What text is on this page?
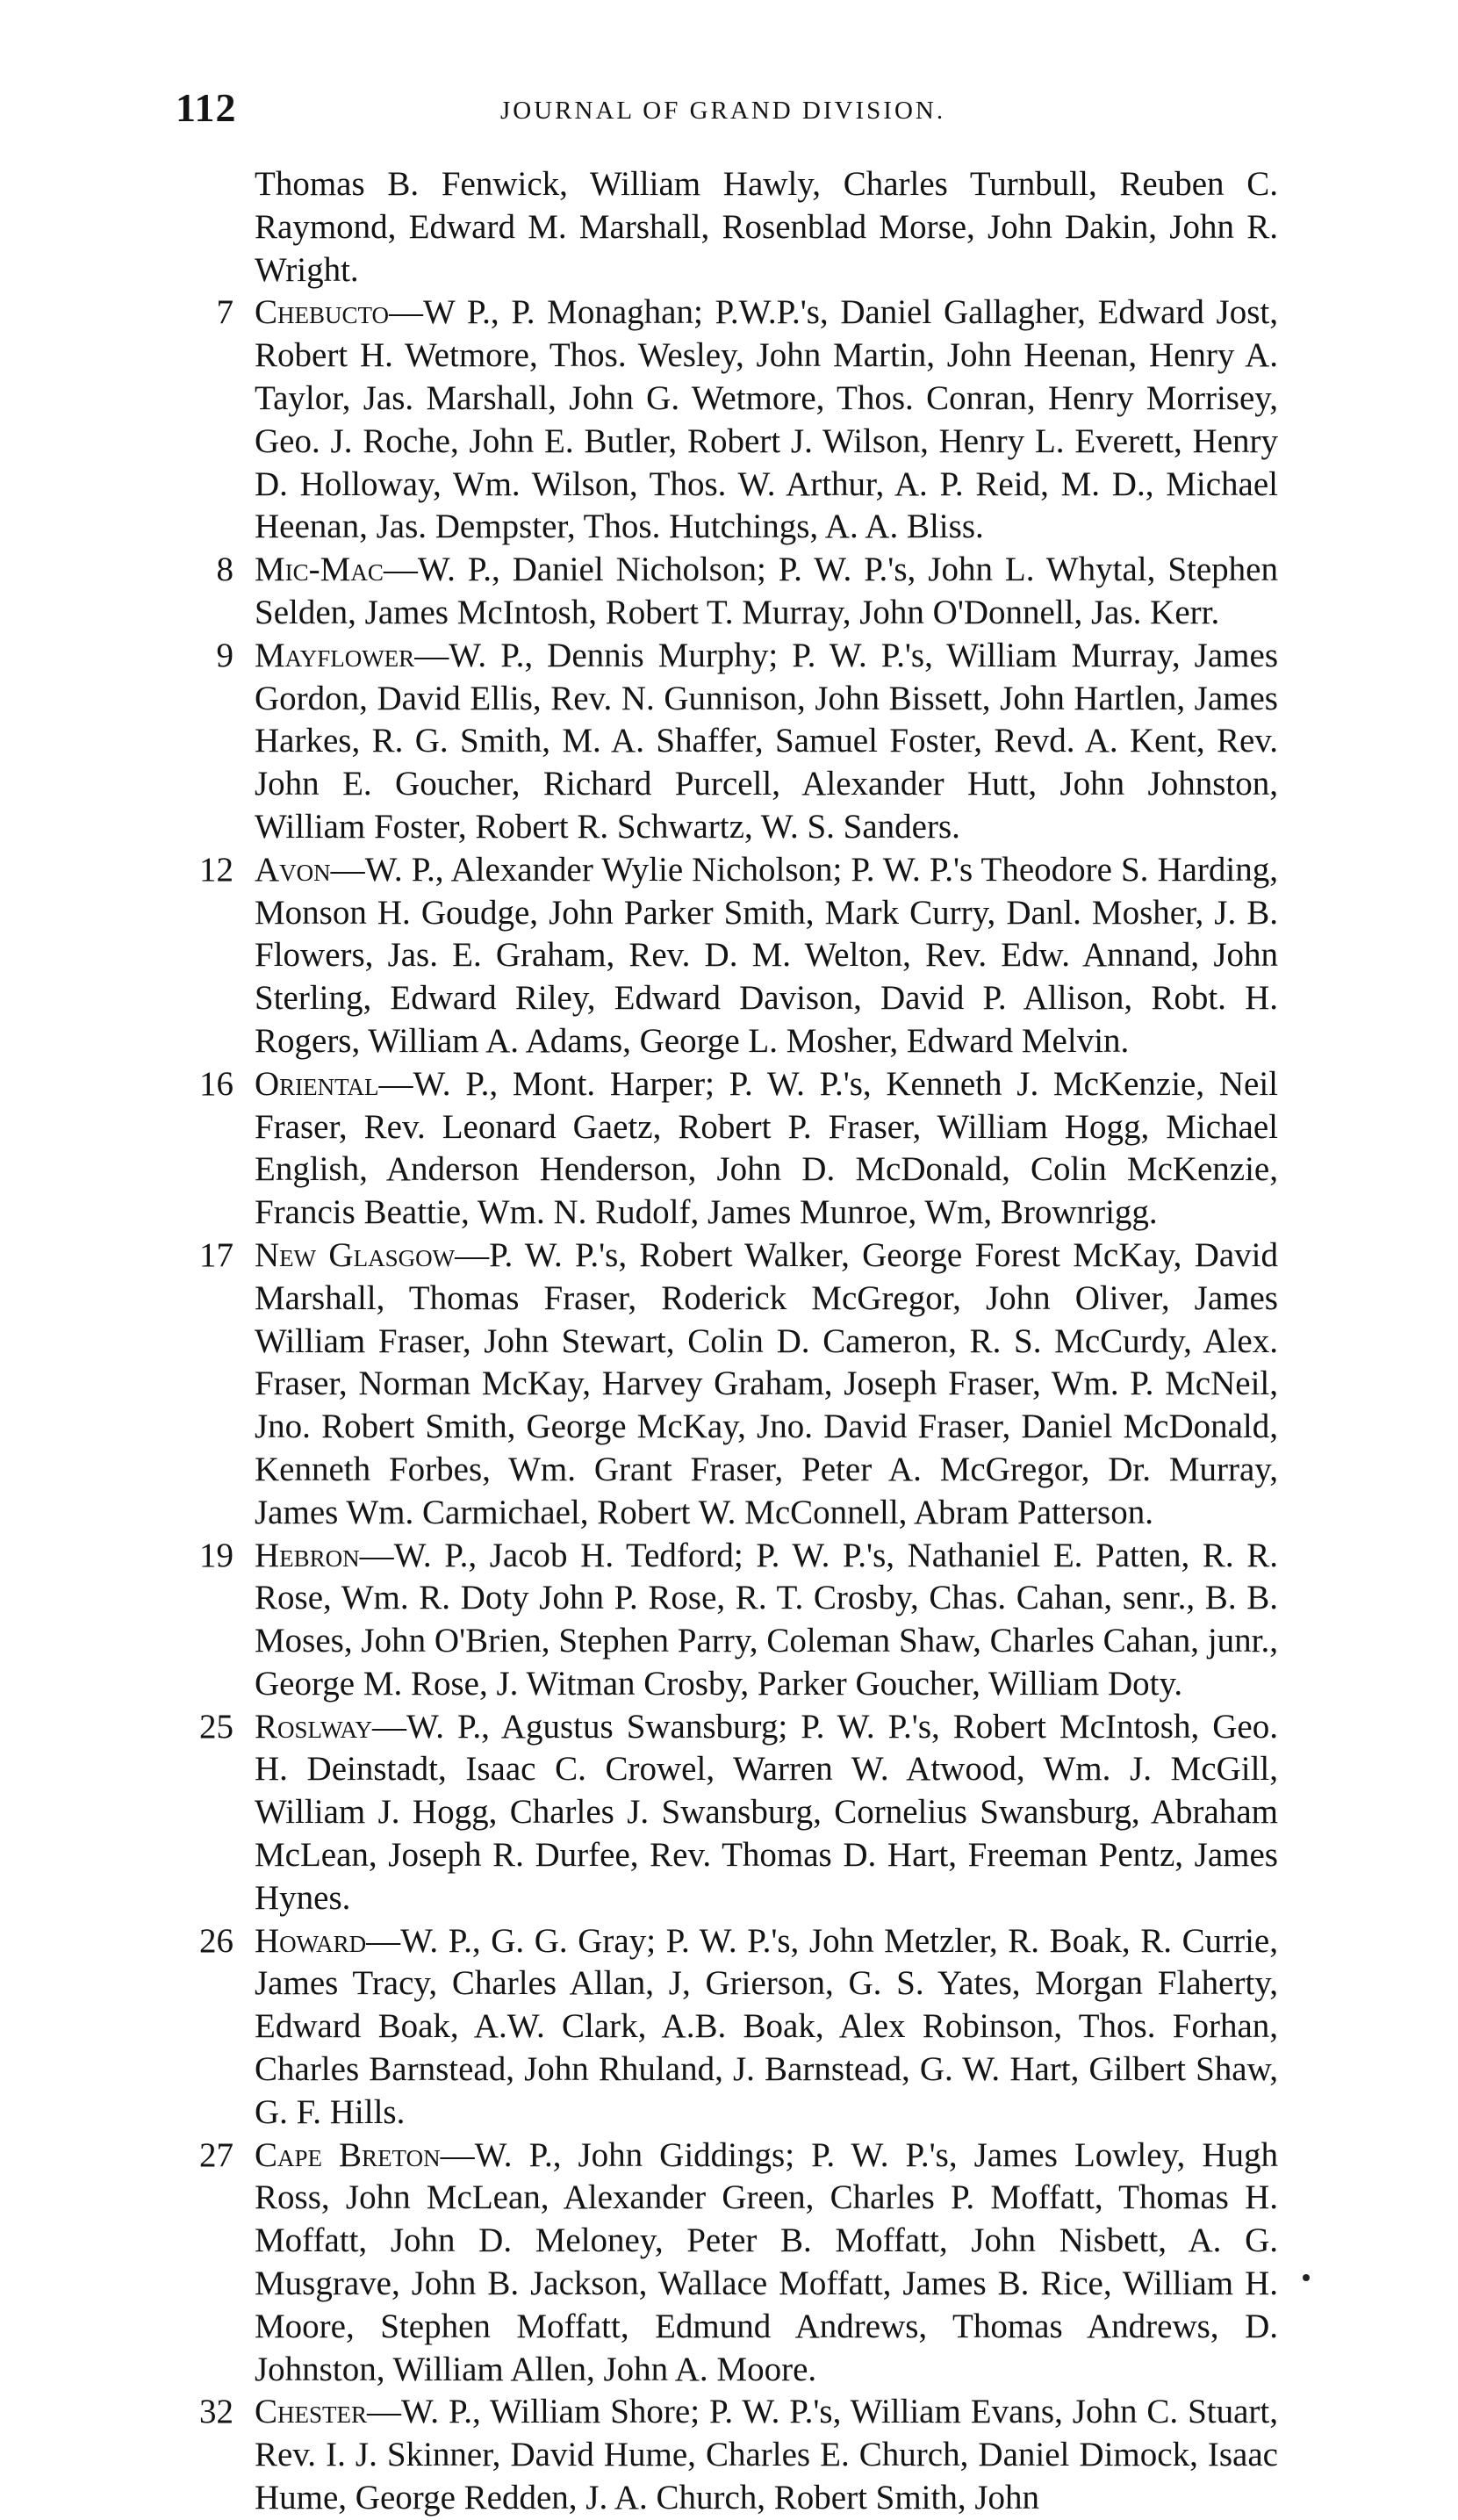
112	JOURNAL OF GRAND DIVISION.

Thomas B. Fenwick, William Hawly, Charles Turnbull, Reuben C. Raymond, Edward M. Marshall, Rosenblad Morse, John Dakin, John R. Wright.

7 Chebucto—W P., P. Monaghan; P.W.P.'s, Daniel Gallagher, Edward Jost, Robert H. Wetmore, Thos. Wesley, John Martin, John Heenan, Henry A. Taylor, Jas. Marshall, John G. Wetmore, Thos. Conran, Henry Morrisey, Geo. J. Roche, John E. Butler, Robert J. Wilson, Henry L. Everett, Henry D. Holloway, Wm. Wilson, Thos. W. Arthur, A. P. Reid, M. D., Michael Heenan, Jas. Dempster, Thos. Hutchings, A. A. Bliss.

8 Mic-Mac—W. P., Daniel Nicholson; P. W. P.'s, John L. Whytal, Stephen Selden, James McIntosh, Robert T. Murray, John O'Donnell, Jas. Kerr.

9 Mayflower—W. P., Dennis Murphy; P. W. P.'s, William Murray, James Gordon, David Ellis, Rev. N. Gunnison, John Bissett, John Hartlen, James Harkes, R. G. Smith, M. A. Shaffer, Samuel Foster, Revd. A. Kent, Rev. John E. Goucher, Richard Purcell, Alexander Hutt, John Johnston, William Foster, Robert R. Schwartz, W. S. Sanders.

12 Avon—W. P., Alexander Wylie Nicholson; P. W. P.'s Theodore S. Harding, Monson H. Goudge, John Parker Smith, Mark Curry, Danl. Mosher, J. B. Flowers, Jas. E. Graham, Rev. D. M. Welton, Rev. Edw. Annand, John Sterling, Edward Riley, Edward Davison, David P. Allison, Robt. H. Rogers, William A. Adams, George L. Mosher, Edward Melvin.

16 Oriental—W. P., Mont. Harper; P. W. P.'s, Kenneth J. McKenzie, Neil Fraser, Rev. Leonard Gaetz, Robert P. Fraser, William Hogg, Michael English, Anderson Henderson, John D. McDonald, Colin McKenzie, Francis Beattie, Wm. N. Rudolf, James Munroe, Wm, Brownrigg.

17 New Glasgow—P. W. P.'s, Robert Walker, George Forest McKay, David Marshall, Thomas Fraser, Roderick McGregor, John Oliver, James William Fraser, John Stewart, Colin D. Cameron, R. S. McCurdy, Alex. Fraser, Norman McKay, Harvey Graham, Joseph Fraser, Wm. P. McNeil, Jno. Robert Smith, George McKay, Jno. David Fraser, Daniel McDonald, Kenneth Forbes, Wm. Grant Fraser, Peter A. McGregor, Dr. Murray, James Wm. Carmichael, Robert W. McConnell, Abram Patterson.

19 Hebron—W. P., Jacob H. Tedford; P. W. P.'s, Nathaniel E. Patten, R. R. Rose, Wm. R. Doty John P. Rose, R. T. Crosby, Chas. Cahan, senr., B. B. Moses, John O'Brien, Stephen Parry, Coleman Shaw, Charles Cahan, junr., George M. Rose, J. Witman Crosby, Parker Goucher, William Doty.

25 Roslway—W. P., Agustus Swansburg; P. W. P.'s, Robert McIntosh, Geo. H. Deinstadt, Isaac C. Crowel, Warren W. Atwood, Wm. J. McGill, William J. Hogg, Charles J. Swansburg, Cornelius Swansburg, Abraham McLean, Joseph R. Durfee, Rev. Thomas D. Hart, Freeman Pentz, James Hynes.

26 Howard—W. P., G. G. Gray; P. W. P.'s, John Metzler, R. Boak, R. Currie, James Tracy, Charles Allan, J, Grierson, G. S. Yates, Morgan Flaherty, Edward Boak, A.W. Clark, A.B. Boak, Alex Robinson, Thos. Forhan, Charles Barnstead, John Rhuland, J. Barnstead, G. W. Hart, Gilbert Shaw, G. F. Hills.

27 Cape Breton—W. P., John Giddings; P. W. P.'s, James Lowley, Hugh Ross, John McLean, Alexander Green, Charles P. Moffatt, Thomas H. Moffatt, John D. Meloney, Peter B. Moffatt, John Nisbett, A. G. Musgrave, John B. Jackson, Wallace Moffatt, James B. Rice, William H. Moore, Stephen Moffatt, Edmund Andrews, Thomas Andrews, D. Johnston, William Allen, John A. Moore.

32 Chester—W. P., William Shore; P. W. P.'s, William Evans, John C. Stuart, Rev. I. J. Skinner, David Hume, Charles E. Church, Daniel Dimock, Isaac Hume, George Redden, J. A. Church, Robert Smith, John
